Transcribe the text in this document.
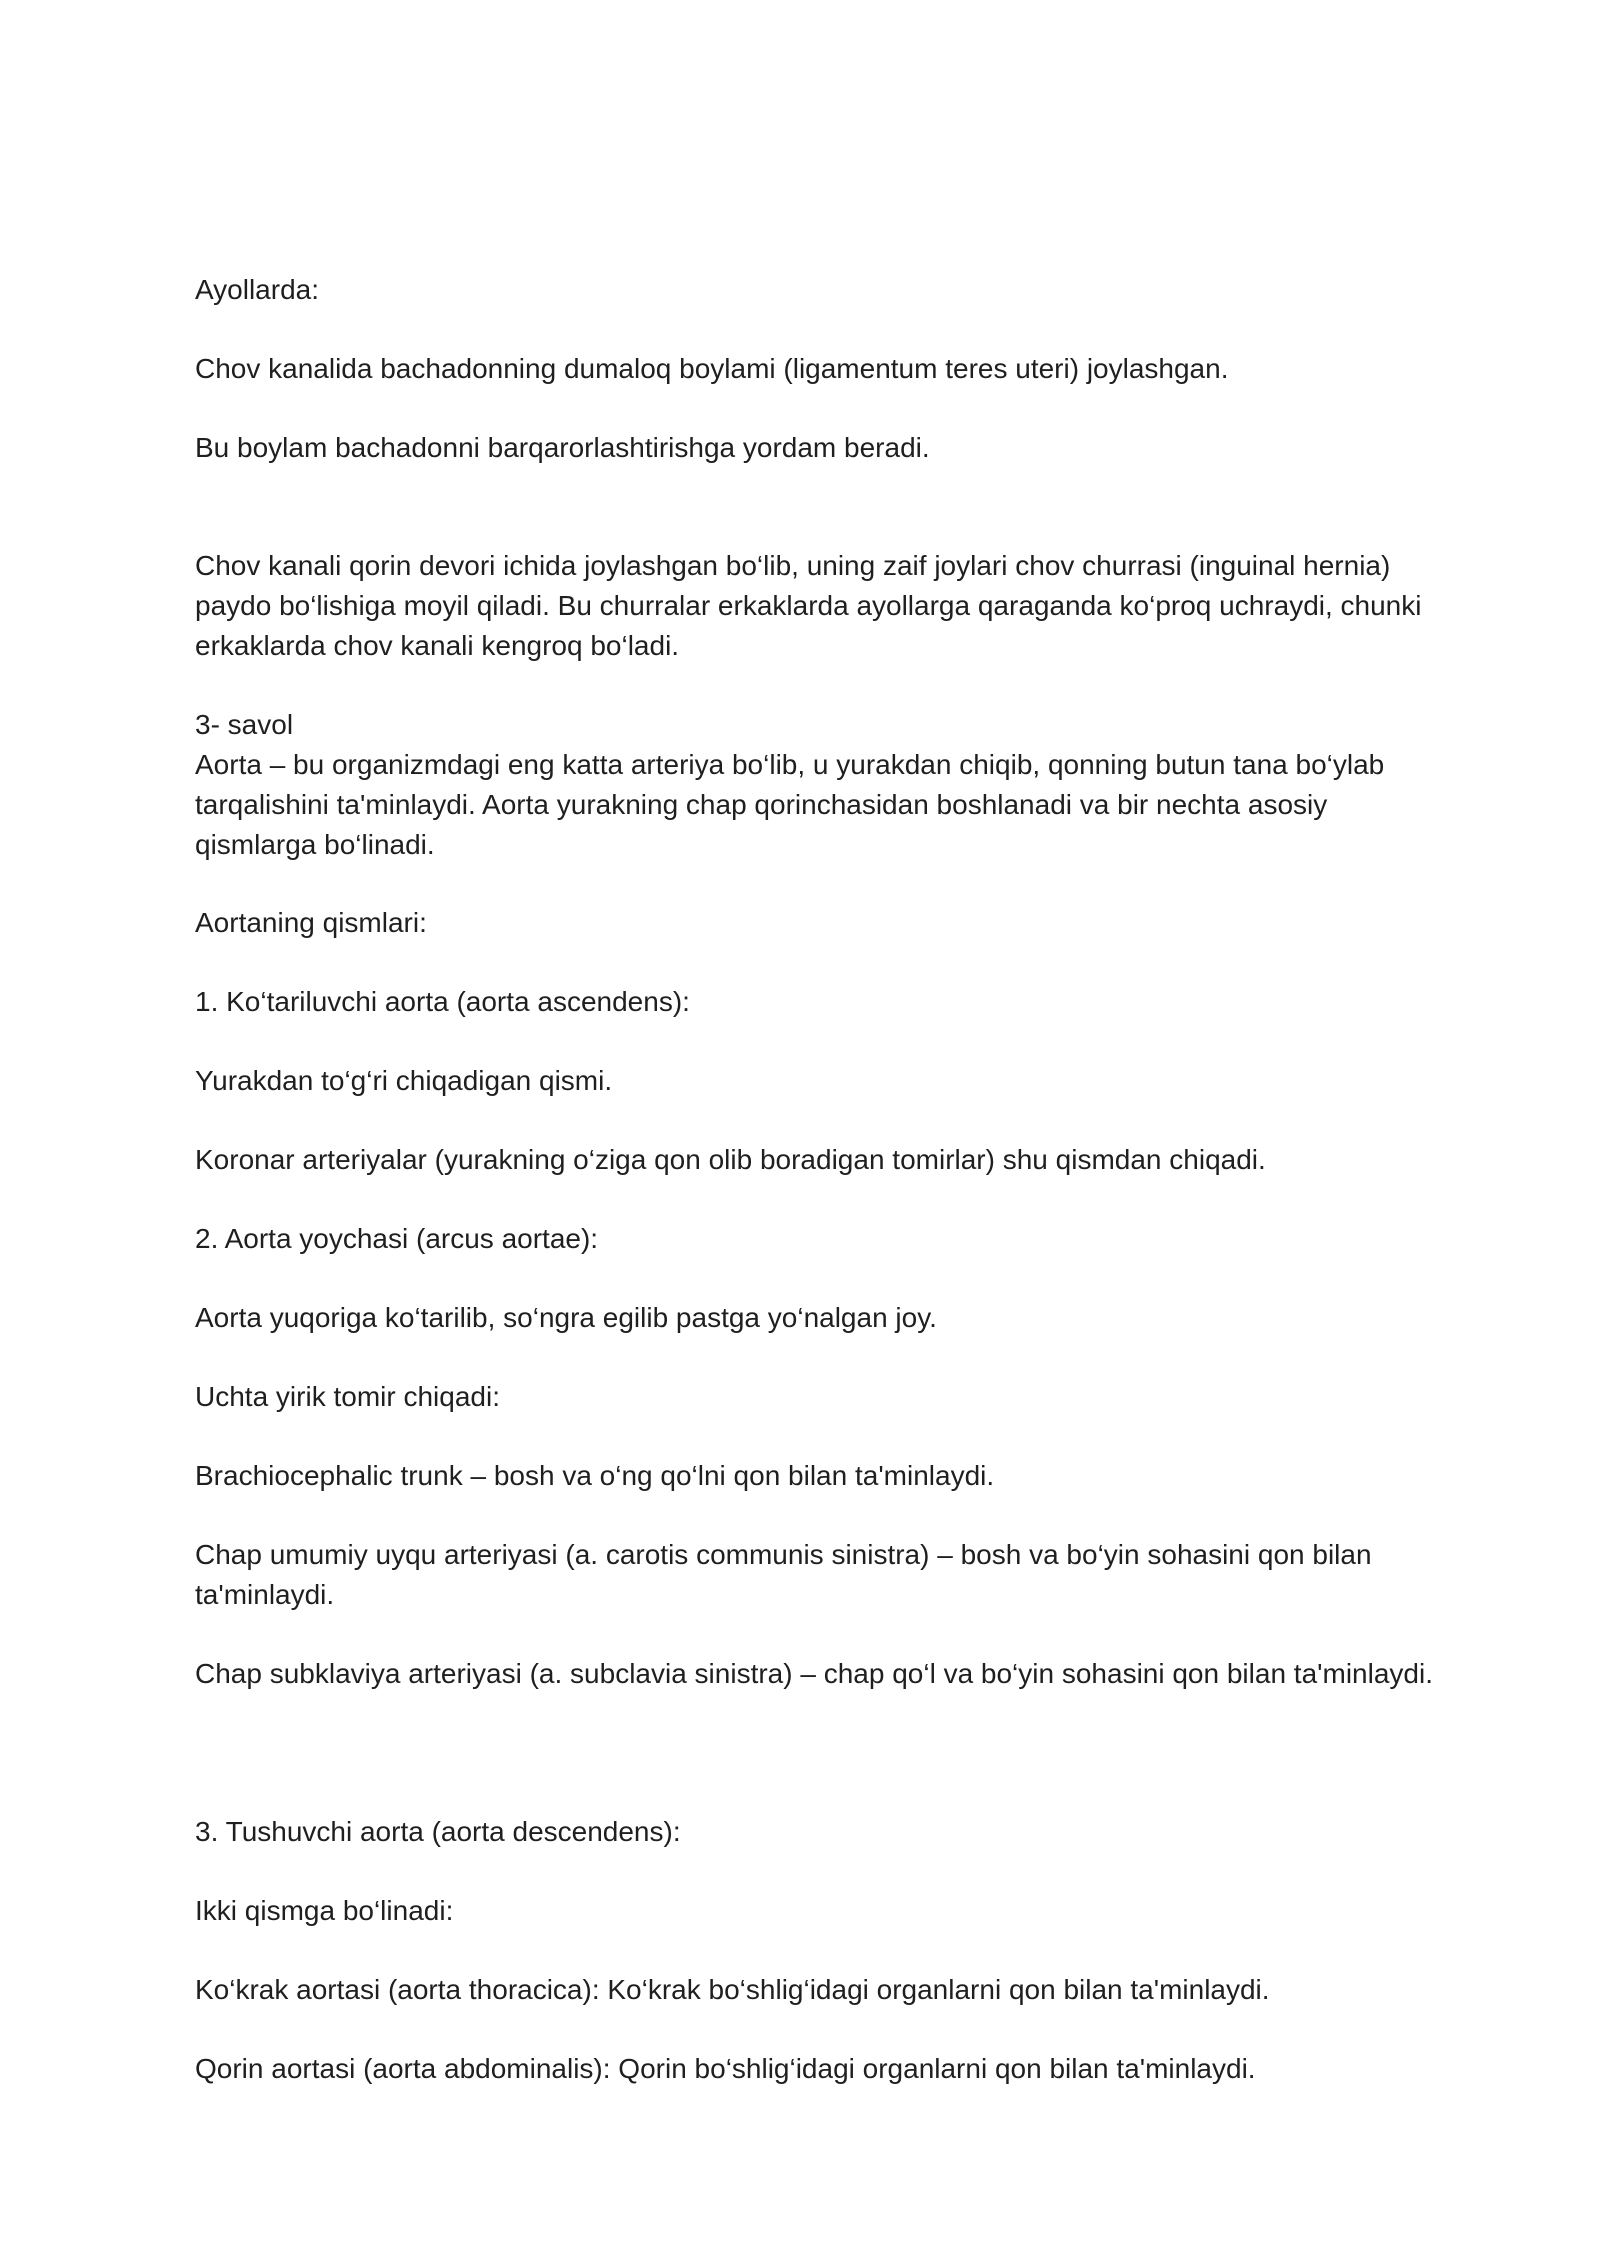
Ayollarda:

Chov kanalida bachadonning dumaloq boylami (ligamentum teres uteri) joylashgan.

Bu boylam bachadonni barqarorlashtirishga yordam beradi.

Chov kanali qorin devori ichida joylashgan bo‘lib, uning zaif joylari chov churrasi (inguinal hernia) paydo bo‘lishiga moyil qiladi. Bu churralar erkaklarda ayollarga qaraganda ko‘proq uchraydi, chunki erkaklarda chov kanali kengroq bo‘ladi.

3- savol

Aorta – bu organizmdagi eng katta arteriya bo‘lib, u yurakdan chiqib, qonning butun tana bo‘ylab tarqalishini ta'minlaydi. Aorta yurakning chap qorinchasidan boshlanadi va bir nechta asosiy qismlarga bo‘linadi.

Aortaning qismlari:

1. Ko‘tariluvchi aorta (aorta ascendens):

Yurakdan to‘g‘ri chiqadigan qismi.

Koronar arteriyalar (yurakning o‘ziga qon olib boradigan tomirlar) shu qismdan chiqadi.

2. Aorta yoychasi (arcus aortae):

Aorta yuqoriga ko‘tarilib, so‘ngra egilib pastga yo‘nalgan joy.

Uchta yirik tomir chiqadi:

Brachiocephalic trunk – bosh va o‘ng qo‘lni qon bilan ta'minlaydi.

Chap umumiy uyqu arteriyasi (a. carotis communis sinistra) – bosh va bo‘yin sohasini qon bilan ta'minlaydi.

Chap subklaviya arteriyasi (a. subclavia sinistra) – chap qo‘l va bo‘yin sohasini qon bilan ta'minlaydi.

3. Tushuvchi aorta (aorta descendens):

Ikki qismga bo‘linadi:

Ko‘krak aortasi (aorta thoracica): Ko‘krak bo‘shlig‘idagi organlarni qon bilan ta'minlaydi.

Qorin aortasi (aorta abdominalis): Qorin bo‘shlig‘idagi organlarni qon bilan ta'minlaydi.
